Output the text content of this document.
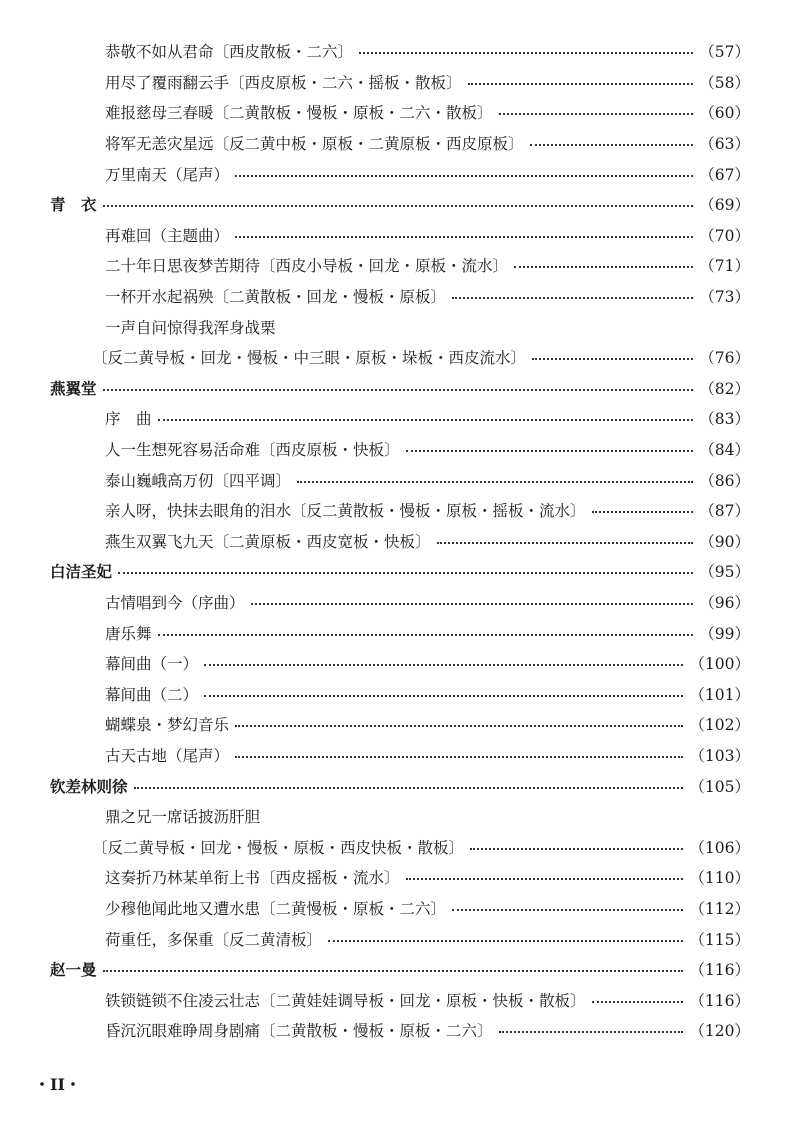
恭敬不如从君命〔西皮散板・二六〕	（57）
用尽了覆雨翻云手〔西皮原板・二六・摇板・散板〕	（58）
难报慈母三春暖〔二黄散板・慢板・原板・二六・散板〕	（60）
将军无恙灾星远〔反二黄中板・原板・二黄原板・西皮原板〕	（63）
万里南天（尾声）	（67）
青　衣	（69）
再难回（主题曲）	（70）
二十年日思夜梦苦期待〔西皮小导板・回龙・原板・流水〕	（71）
一杯开水起祸殃〔二黄散板・回龙・慢板・原板〕	（73）
一声自问惊得我浑身战栗
〔反二黄导板・回龙・慢板・中三眼・原板・垛板・西皮流水〕	（76）
燕翼堂	（82）
序　曲	（83）
人一生想死容易活命难〔西皮原板・快板〕	（84）
泰山巍峨高万仞〔四平调〕	（86）
亲人呀，快抹去眼角的泪水〔反二黄散板・慢板・原板・摇板・流水〕	（87）
燕生双翼飞九天〔二黄原板・西皮宽板・快板〕	（90）
白洁圣妃	（95）
古情唱到今（序曲）	（96）
唐乐舞	（99）
幕间曲（一）	（100）
幕间曲（二）	（101）
蝴蝶泉・梦幻音乐	（102）
古天古地（尾声）	（103）
钦差林则徐	（105）
鼎之兄一席话披沥肝胆
〔反二黄导板・回龙・慢板・原板・西皮快板・散板〕	（106）
这奏折乃林某单衔上书〔西皮摇板・流水〕	（110）
少穆他闻此地又遭水患〔二黄慢板・原板・二六〕	（112）
荷重任，多保重〔反二黄清板〕	（115）
赵一曼	（116）
铁锁链锁不住凌云壮志〔二黄娃娃调导板・回龙・原板・快板・散板〕	（116）
昏沉沉眼难睁周身剧痛〔二黄散板・慢板・原板・二六〕	（120）
・II・
